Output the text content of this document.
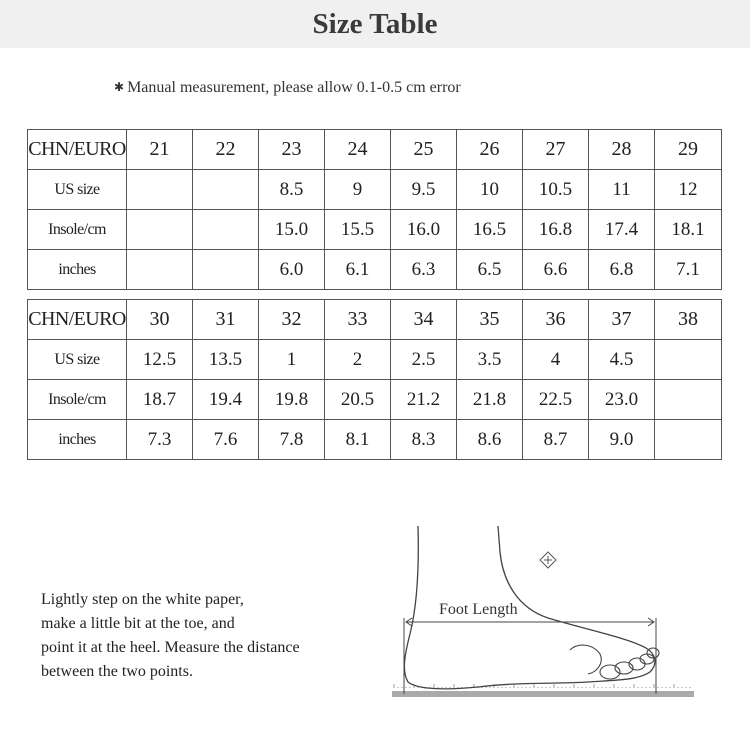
Size Table
✱ Manual measurement, please allow 0.1-0.5 cm error
CHN/EURO	21	22	23	24	25	26	27	28	29
US size			8.5	9	9.5	10	10.5	11	12
Insole/cm			15.0	15.5	16.0	16.5	16.8	17.4	18.1
inches			6.0	6.1	6.3	6.5	6.6	6.8	7.1
CHN/EURO	30	31	32	33	34	35	36	37	38
US size	12.5	13.5	1	2	2.5	3.5	4	4.5	
Insole/cm	18.7	19.4	19.8	20.5	21.2	21.8	22.5	23.0	
inches	7.3	7.6	7.8	8.1	8.3	8.6	8.7	9.0	
Lightly step on the white paper,
make a little bit at the toe, and
point it at the heel. Measure the distance
between the two points.
Foot Length
